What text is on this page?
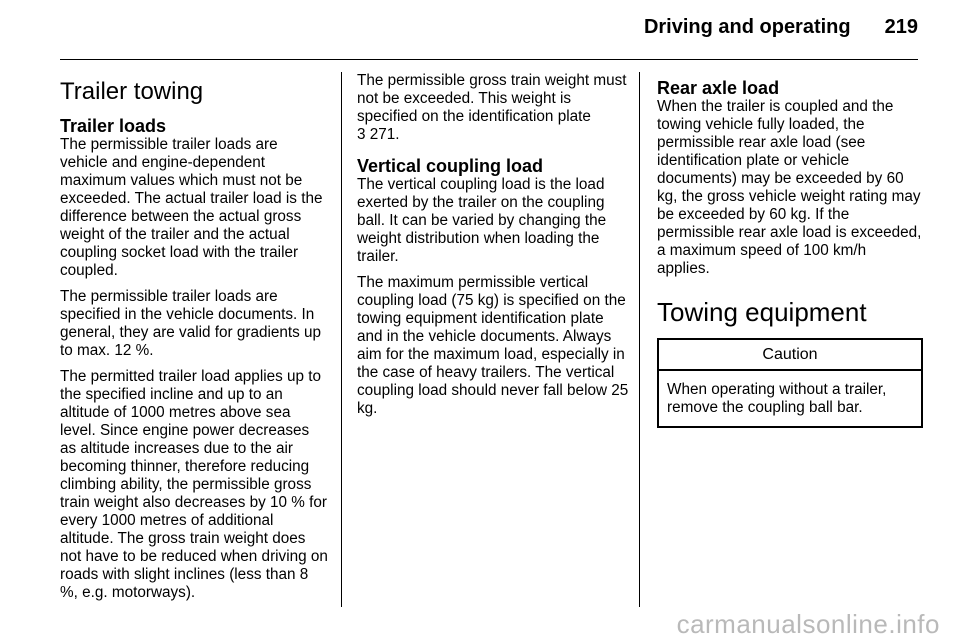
Driving and operating 219
Trailer towing
Trailer loads

The permissible trailer loads are vehicle and engine-dependent maximum values which must not be exceeded. The actual trailer load is the difference between the actual gross weight of the trailer and the actual coupling socket load with the trailer coupled.

The permissible trailer loads are specified in the vehicle documents. In general, they are valid for gradients up to max. 12 %.

The permitted trailer load applies up to the specified incline and up to an altitude of 1000 metres above sea level. Since engine power decreases as altitude increases due to the air becoming thinner, therefore reducing climbing ability, the permissible gross train weight also decreases by 10 % for every 1000 metres of additional altitude. The gross train weight does not have to be reduced when driving on roads with slight inclines (less than 8 %, e.g. motorways).

The permissible gross train weight must not be exceeded. This weight is specified on the identification plate
3 271.

Vertical coupling load

The vertical coupling load is the load exerted by the trailer on the coupling ball. It can be varied by changing the weight distribution when loading the trailer.

The maximum permissible vertical coupling load (75 kg) is specified on the towing equipment identification plate and in the vehicle documents. Always aim for the maximum load, especially in the case of heavy trailers. The vertical coupling load should never fall below 25 kg.

Rear axle load

When the trailer is coupled and the towing vehicle fully loaded, the permissible rear axle load (see identification plate or vehicle documents) may be exceeded by 60 kg, the gross vehicle weight rating may be exceeded by 60 kg. If the permissible rear axle load is exceeded, a maximum speed of 100 km/h applies.

Towing equipment
Caution
When operating without a trailer, remove the coupling ball bar.
carmanualsonline.info
